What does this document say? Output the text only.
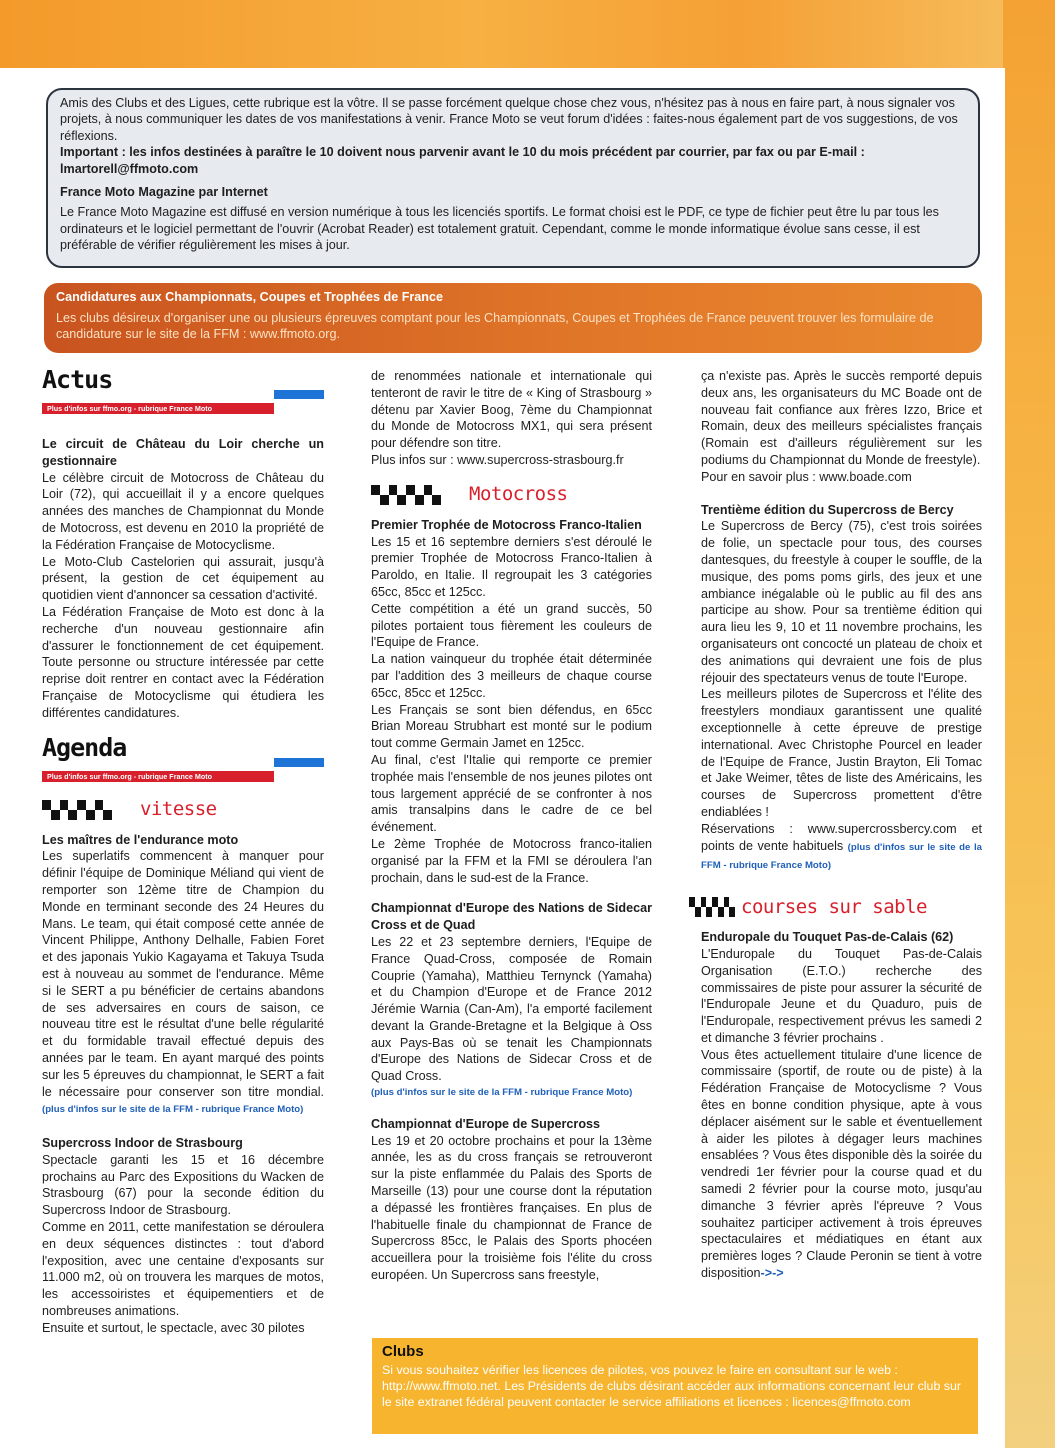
Amis des Clubs et des Ligues, cette rubrique est la vôtre. Il se passe forcément quelque chose chez vous, n'hésitez pas à nous en faire part, à nous signaler vos projets, à nous communiquer les dates de vos manifestations à venir. France Moto se veut forum d'idées : faites-nous également part de vos suggestions, de vos réflexions.

Important : les infos destinées à paraître le 10 doivent nous parvenir avant le 10 du mois précédent par courrier, par fax ou par E-mail : lmartorell@ffmoto.com

France Moto Magazine par Internet

Le France Moto Magazine est diffusé en version numérique à tous les licenciés sportifs. Le format choisi est le PDF, ce type de fichier peut être lu par tous les ordinateurs et le logiciel permettant de l'ouvrir (Acrobat Reader) est totalement gratuit. Cependant, comme le monde informatique évolue sans cesse, il est préférable de vérifier régulièrement les mises à jour.

Candidatures aux Championnats, Coupes et Trophées de France
Les clubs désireux d'organiser une ou plusieurs épreuves comptant pour les Championnats, Coupes et Trophées de France peuvent trouver les formulaire de candidature sur le site de la FFM : www.ffmoto.org.
Actus
Plus d'infos sur ffmo.org - rubrique France Moto

Le circuit de Château du Loir cherche un gestionnaire

Le célèbre circuit de Motocross de Château du Loir (72), qui accueillait il y a encore quelques années des manches de Championnat du Monde de Motocross, est devenu en 2010 la propriété de la Fédération Française de Motocyclisme.

Le Moto-Club Castelorien qui assurait, jusqu'à présent, la gestion de cet équipement au quotidien vient d'annoncer sa cessation d'activité.

La Fédération Française de Moto est donc à la recherche d'un nouveau gestionnaire afin d'assurer le fonctionnement de cet équipement. Toute personne ou structure intéressée par cette reprise doit rentrer en contact avec la Fédération Française de Motocyclisme qui étudiera les différentes candidatures.

Agenda
Plus d'infos sur ffmo.org - rubrique France Moto
vitesse

Les maîtres de l'endurance moto

Les superlatifs commencent à manquer pour définir l'équipe de Dominique Méliand qui vient de remporter son 12ème titre de Champion du Monde en terminant seconde des 24 Heures du Mans. Le team, qui était composé cette année de Vincent Philippe, Anthony Delhalle, Fabien Foret et des japonais Yukio Kagayama et Takuya Tsuda est à nouveau au sommet de l'endurance. Même si le SERT a pu bénéficier de certains abandons de ses adversaires en cours de saison, ce nouveau titre est le résultat d'une belle régularité et du formidable travail effectué depuis des années par le team. En ayant marqué des points sur les 5 épreuves du championnat, le SERT a fait le nécessaire pour conserver son titre mondial. (plus d'infos sur le site de la FFM - rubrique France Moto)

Supercross Indoor de Strasbourg

Spectacle garanti les 15 et 16 décembre prochains au Parc des Expositions du Wacken de Strasbourg (67) pour la seconde édition du Supercross Indoor de Strasbourg.

Comme en 2011, cette manifestation se déroulera en deux séquences distinctes : tout d'abord l'exposition, avec une centaine d'exposants sur 11.000 m2, où on trouvera les marques de motos, les accessoiristes et équipementiers et de nombreuses animations.

Ensuite et surtout, le spectacle, avec 30 pilotes

de renommées nationale et internationale qui tenteront de ravir le titre de « King of Strasbourg » détenu par Xavier Boog, 7ème du Championnat du Monde de Motocross MX1, qui sera présent pour défendre son titre.

Plus infos sur : www.supercross-strasbourg.fr

Motocross

Premier Trophée de Motocross Franco-Italien

Les 15 et 16 septembre derniers s'est déroulé le premier Trophée de Motocross Franco-Italien à Paroldo, en Italie. Il regroupait les 3 catégories 65cc, 85cc et 125cc.

Cette compétition a été un grand succès, 50 pilotes portaient tous fièrement les couleurs de l'Equipe de France.

La nation vainqueur du trophée était déterminée par l'addition des 3 meilleurs de chaque course 65cc, 85cc et 125cc.

Les Français se sont bien défendus, en 65cc Brian Moreau Strubhart est monté sur le podium tout comme Germain Jamet en 125cc.

Au final, c'est l'Italie qui remporte ce premier trophée mais l'ensemble de nos jeunes pilotes ont tous largement apprécié de se confronter à nos amis transalpins dans le cadre de ce bel événement.

Le 2ème Trophée de Motocross franco-italien organisé par la FFM et la FMI se déroulera l'an prochain, dans le sud-est de la France.

Championnat d'Europe des Nations de Sidecar Cross et de Quad

Les 22 et 23 septembre derniers, l'Equipe de France Quad-Cross, composée de Romain Couprie (Yamaha), Matthieu Ternynck (Yamaha) et du Champion d'Europe et de France 2012 Jérémie Warnia (Can-Am), l'a emporté facilement devant la Grande-Bretagne et la Belgique à Oss aux Pays-Bas où se tenait les Championnats d'Europe des Nations de Sidecar Cross et de Quad Cross.

(plus d'infos sur le site de la FFM - rubrique France Moto)

Championnat d'Europe de Supercross

Les 19 et 20 octobre prochains et pour la 13ème année, les as du cross français se retrouveront sur la piste enflammée du Palais des Sports de Marseille (13) pour une course dont la réputation a dépassé les frontières françaises. En plus de l'habituelle finale du championnat de France de Supercross 85cc, le Palais des Sports phocéen accueillera pour la troisième fois l'élite du cross européen. Un Supercross sans freestyle,

ça n'existe pas. Après le succès remporté depuis deux ans, les organisateurs du MC Boade ont de nouveau fait confiance aux frères Izzo, Brice et Romain, deux des meilleurs spécialistes français (Romain est d'ailleurs régulièrement sur les podiums du Championnat du Monde de freestyle).

Pour en savoir plus : www.boade.com

Trentième édition du Supercross de Bercy

Le Supercross de Bercy (75), c'est trois soirées de folie, un spectacle pour tous, des courses dantesques, du freestyle à couper le souffle, de la musique, des poms poms girls, des jeux et une ambiance inégalable où le public au fil des ans participe au show. Pour sa trentième édition qui aura lieu les 9, 10 et 11 novembre prochains, les organisateurs ont concocté un plateau de choix et des animations qui devraient une fois de plus réjouir des spectateurs venus de toute l'Europe.

Les meilleurs pilotes de Supercross et l'élite des freestylers mondiaux garantissent une qualité exceptionnelle à cette épreuve de prestige international. Avec Christophe Pourcel en leader de l'Equipe de France, Justin Brayton, Eli Tomac et Jake Weimer, têtes de liste des Américains, les courses de Supercross promettent d'être endiablées !

Réservations : www.supercrossbercy.com et points de vente habituels (plus d'infos sur le site de la FFM - rubrique France Moto)

courses sur sable

Enduropale du Touquet Pas-de-Calais (62)

L'Enduropale du Touquet Pas-de-Calais Organisation (E.T.O.) recherche des commissaires de piste pour assurer la sécurité de l'Enduropale Jeune et du Quaduro, puis de l'Enduropale, respectivement prévus les samedi 2 et dimanche 3 février prochains .

Vous êtes actuellement titulaire d'une licence de commissaire (sportif, de route ou de piste) à la Fédération Française de Motocyclisme ? Vous êtes en bonne condition physique, apte à vous déplacer aisément sur le sable et éventuellement à aider les pilotes à dégager leurs machines ensablées ? Vous êtes disponible dès la soirée du vendredi 1er février pour la course quad et du samedi 2 février pour la course moto, jusqu'au dimanche 3 février après l'épreuve ? Vous souhaitez participer activement à trois épreuves spectaculaires et médiatiques en étant aux premières loges ? Claude Peronin se tient à votre disposition->->

Clubs
Si vous souhaitez vérifier les licences de pilotes, vos pouvez le faire en consultant sur le web : http://www.ffmoto.net. Les Présidents de clubs désirant accéder aux informations concernant leur club sur le site extranet fédéral peuvent contacter le service affiliations et licences : licences@ffmoto.com
